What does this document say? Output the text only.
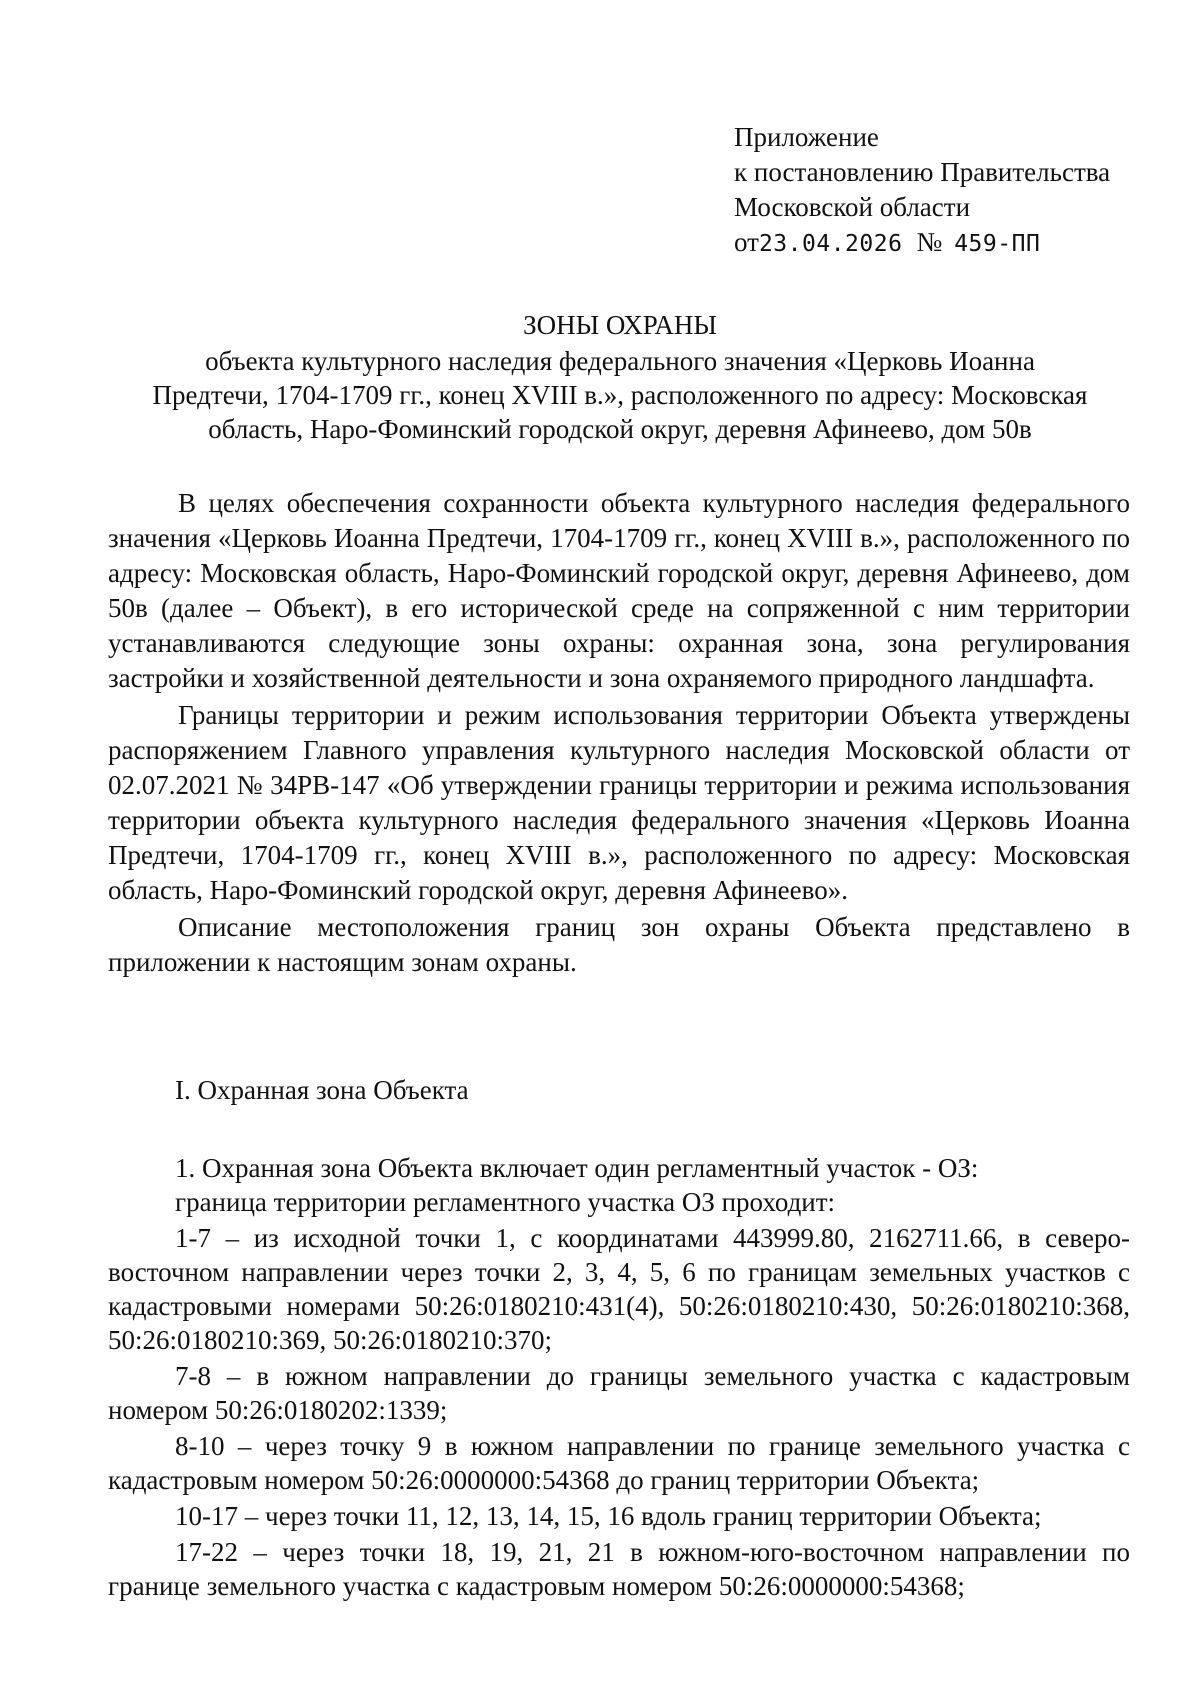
Приложение
к постановлению Правительства
Московской области
от23.04.2026 № 459-ПП
ЗОНЫ ОХРАНЫ
объекта культурного наследия федерального значения «Церковь Иоанна
Предтечи, 1704-1709 гг., конец XVIII в.», расположенного по адресу: Московская
область, Наро-Фоминский городской округ, деревня Афинеево, дом 50в

В целях обеспечения сохранности объекта культурного наследия федерального значения «Церковь Иоанна Предтечи, 1704-1709 гг., конец XVIII в.», расположенного по адресу: Московская область, Наро-Фоминский городской округ, деревня Афинеево, дом 50в (далее – Объект), в его исторической среде на сопряженной с ним территории устанавливаются следующие зоны охраны: охранная зона, зона регулирования застройки и хозяйственной деятельности и зона охраняемого природного ландшафта.

Границы территории и режим использования территории Объекта утверждены распоряжением Главного управления культурного наследия Московской области от 02.07.2021 № 34РВ-147 «Об утверждении границы территории и режима использования территории объекта культурного наследия федерального значения «Церковь Иоанна Предтечи, 1704-1709 гг., конец XVIII в.», расположенного по адресу: Московская область, Наро-Фоминский городской округ, деревня Афинеево».

Описание местоположения границ зон охраны Объекта представлено в приложении к настоящим зонам охраны.

I. Охранная зона Объекта

1. Охранная зона Объекта включает один регламентный участок - ОЗ:

граница территории регламентного участка ОЗ проходит:

1-7 – из исходной точки 1, с координатами 443999.80, 2162711.66, в северо-восточном направлении через точки 2, 3, 4, 5, 6 по границам земельных участков с кадастровыми номерами 50:26:0180210:431(4), 50:26:0180210:430, 50:26:0180210:368, 50:26:0180210:369, 50:26:0180210:370;

7-8 – в южном направлении до границы земельного участка с кадастровым номером 50:26:0180202:1339;

8-10 – через точку 9 в южном направлении по границе земельного участка с кадастровым номером 50:26:0000000:54368 до границ территории Объекта;

10-17 – через точки 11, 12, 13, 14, 15, 16 вдоль границ территории Объекта;

17-22 – через точки 18, 19, 21, 21 в южном-юго-восточном направлении по границе земельного участка с кадастровым номером 50:26:0000000:54368;
